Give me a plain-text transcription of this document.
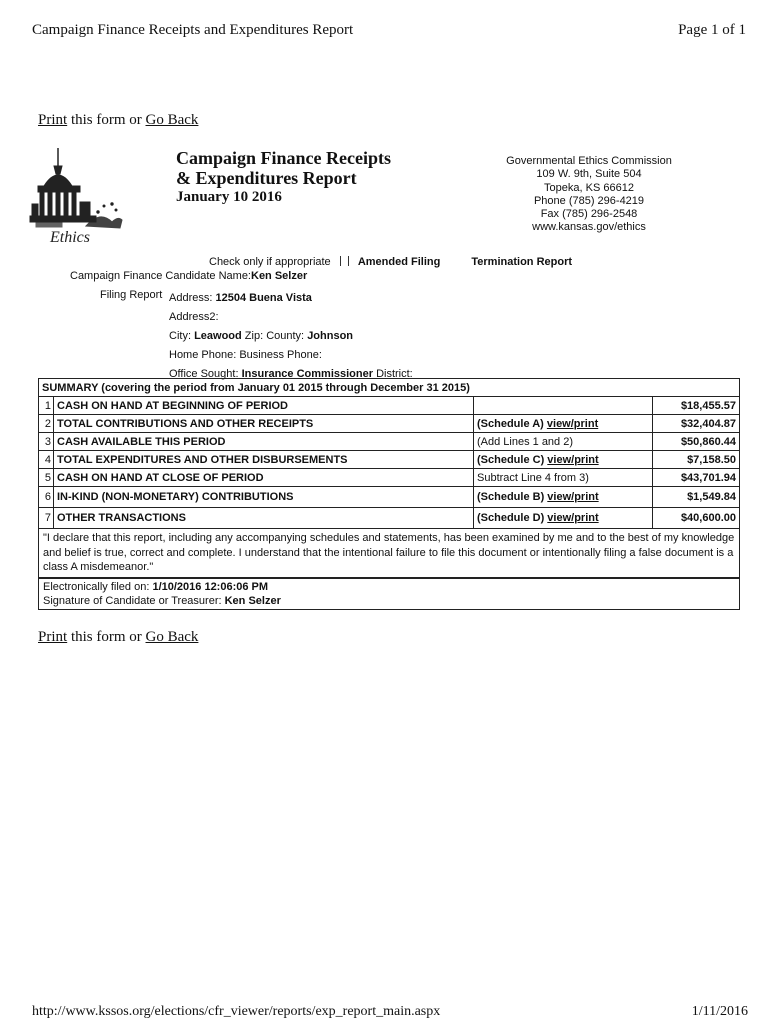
Campaign Finance Receipts and Expenditures Report	Page 1 of 1
Print this form or Go Back
Ethics
Campaign Finance Receipts
& Expenditures Report
January 10 2016
Governmental Ethics Commission
109 W. 9th, Suite 504
Topeka, KS 66612
Phone (785) 296-4219
Fax (785) 296-2548
www.kansas.gov/ethics
Check only if appropriate Amended Filing	Termination Report
Campaign Finance Candidate Name:Ken Selzer
Filing Report Address: 12504 Buena Vista
Address2:
City: Leawood Zip: County: Johnson
Home Phone: Business Phone:
Office Sought: Insurance Commissioner District:
SUMMARY (covering the period from January 01 2015 through December 31 2015)			
1	CASH ON HAND AT BEGINNING OF PERIOD		$18,455.57
2	TOTAL CONTRIBUTIONS AND OTHER RECEIPTS	(Schedule A) view/print	$32,404.87
3	CASH AVAILABLE THIS PERIOD	(Add Lines 1 and 2)	$50,860.44
4	TOTAL EXPENDITURES AND OTHER DISBURSEMENTS	(Schedule C) view/print	$7,158.50
5	CASH ON HAND AT CLOSE OF PERIOD	Subtract Line 4 from 3)	$43,701.94
6	IN-KIND (NON-MONETARY) CONTRIBUTIONS	(Schedule B) view/print	$1,549.84
7	OTHER TRANSACTIONS	(Schedule D) view/print	$40,600.00
"I declare that this report, including any accompanying schedules and statements, has been examined by me and to the best of my knowledge and belief is true, correct and complete. I understand that the intentional failure to file this document or intentionally filing a false document is a class A misdemeanor."
Electronically filed on: 1/10/2016 12:06:06 PM
Signature of Candidate or Treasurer: Ken Selzer
Print this form or Go Back
http://www.kssos.org/elections/cfr_viewer/reports/exp_report_main.aspx	1/11/2016
